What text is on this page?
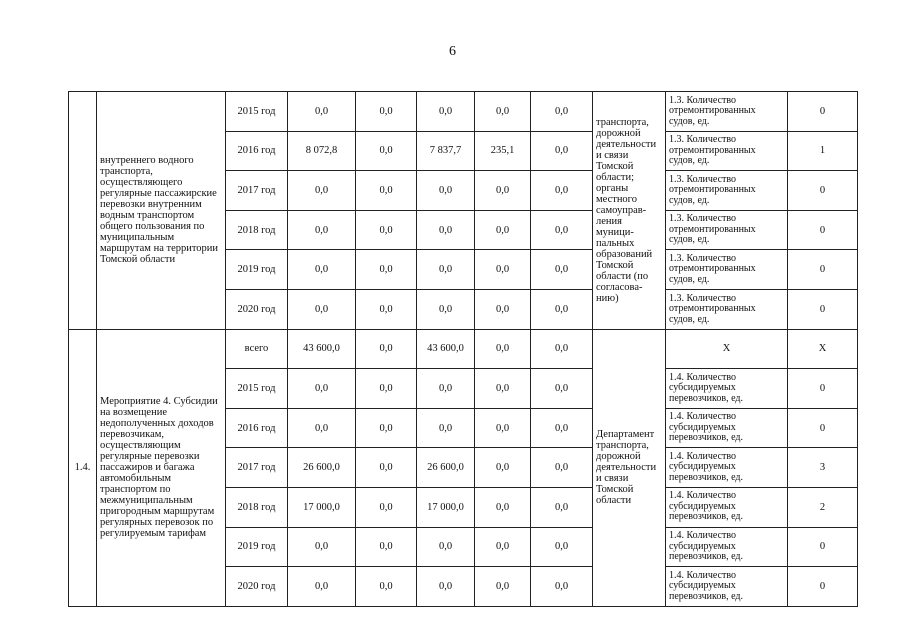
6
	внутреннего водного транспорта, осуществляющего регулярные пассажирские перевозки внутренним водным транспортом общего пользования по муниципальным маршрутам на территории Томской области	2015 год	0,0	0,0	0,0	0,0	0,0	транспорта, дорожной деятельности и связи Томской области; органы местного самоуправ-ления муници-пальных образований Томской области (по согласова-нию)	1.3. Количество отремонтированных судов, ед.	0
		2016 год	8 072,8	0,0	7 837,7	235,1	0,0		1.3. Количество отремонтированных судов, ед.	1
		2017 год	0,0	0,0	0,0	0,0	0,0		1.3. Количество отремонтированных судов, ед.	0
		2018 год	0,0	0,0	0,0	0,0	0,0		1.3. Количество отремонтированных судов, ед.	0
		2019 год	0,0	0,0	0,0	0,0	0,0		1.3. Количество отремонтированных судов, ед.	0
		2020 год	0,0	0,0	0,0	0,0	0,0		1.3. Количество отремонтированных судов, ед.	0
1.4.	Мероприятие 4. Субсидии на возмещение недополученных доходов перевозчикам, осуществляющим регулярные перевозки пассажиров и багажа автомобильным транспортом по межмуниципальным пригородным маршрутам регулярных перевозок по регулируемым тарифам	всего	43 600,0	0,0	43 600,0	0,0	0,0	Департамент транспорта, дорожной деятельности и связи Томской области	Х	Х
		2015 год	0,0	0,0	0,0	0,0	0,0		1.4. Количество субсидируемых перевозчиков, ед.	0
		2016 год	0,0	0,0	0,0	0,0	0,0		1.4. Количество субсидируемых перевозчиков, ед.	0
		2017 год	26 600,0	0,0	26 600,0	0,0	0,0		1.4. Количество субсидируемых перевозчиков, ед.	3
		2018 год	17 000,0	0,0	17 000,0	0,0	0,0		1.4. Количество субсидируемых перевозчиков, ед.	2
		2019 год	0,0	0,0	0,0	0,0	0,0		1.4. Количество субсидируемых перевозчиков, ед.	0
		2020 год	0,0	0,0	0,0	0,0	0,0		1.4. Количество субсидируемых перевозчиков, ед.	0
